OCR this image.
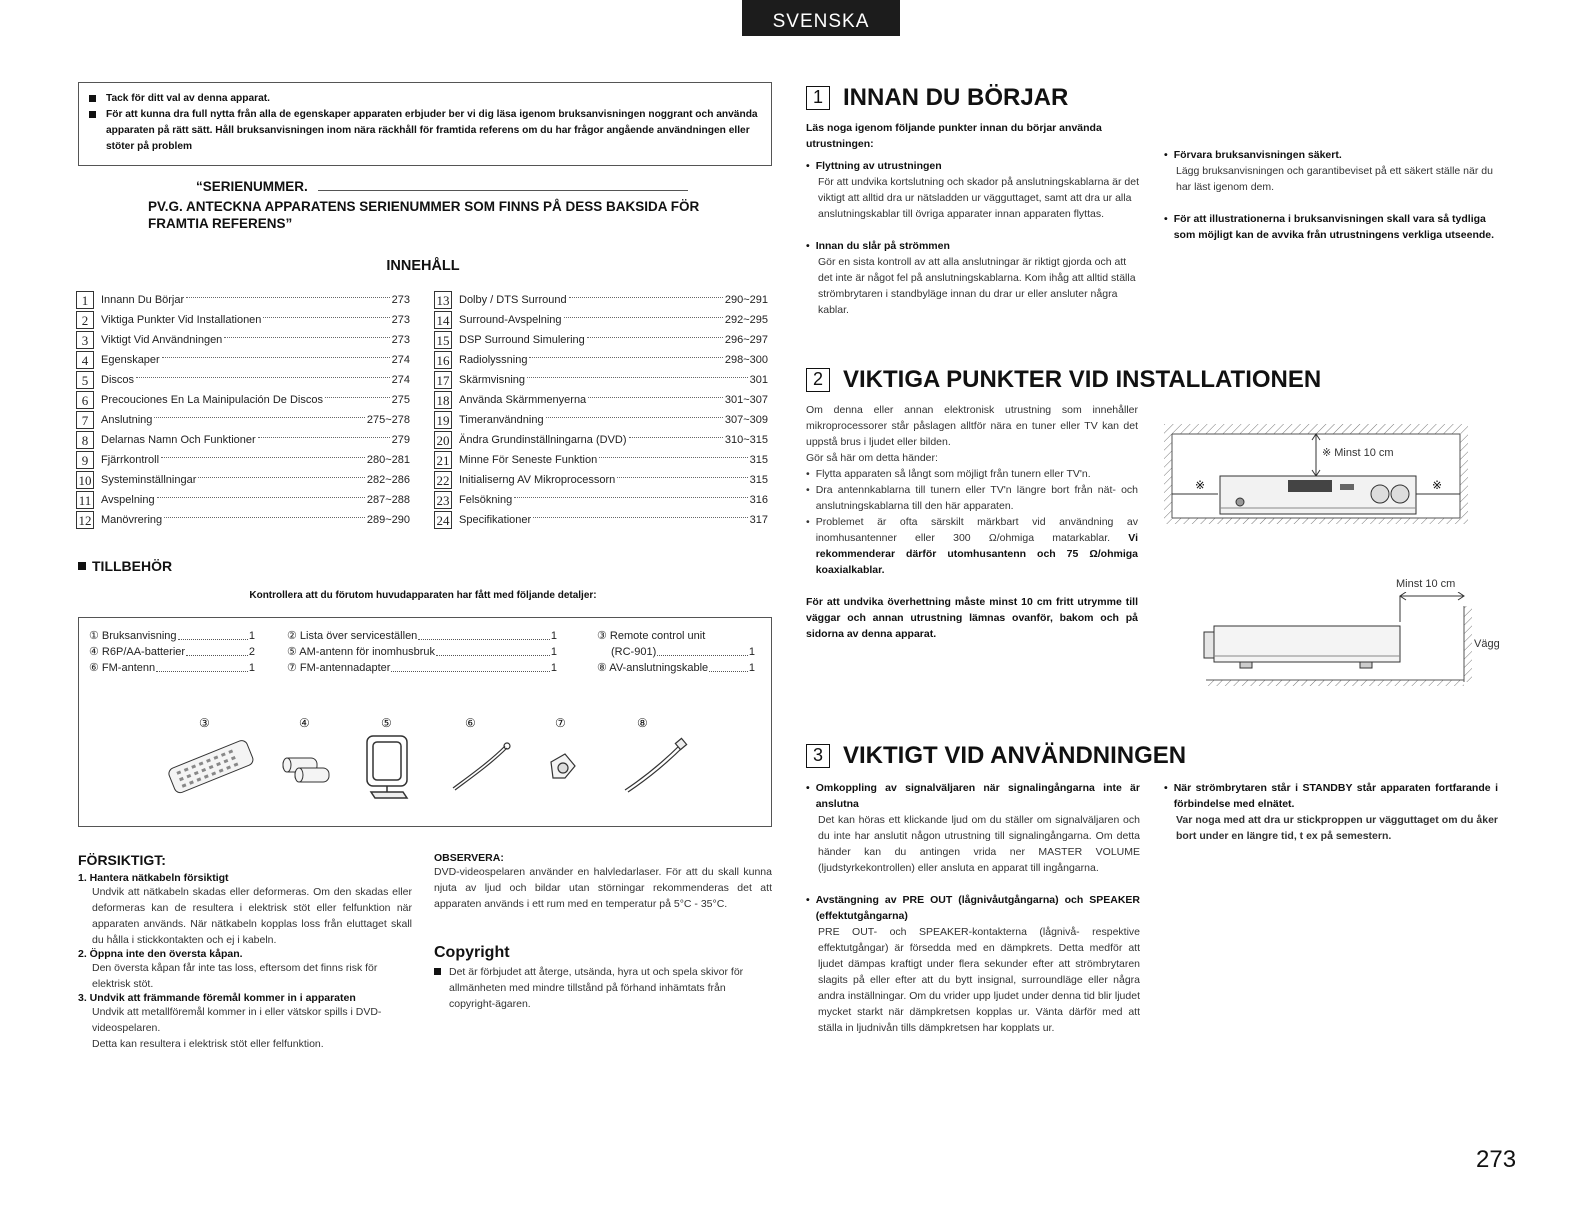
SVENSKA
Tack för ditt val av denna apparat.
För att kunna dra full nytta från alla de egenskaper apparaten erbjuder ber vi dig läsa igenom bruksanvisningen noggrant och använda apparaten på rätt sätt. Håll bruksanvisningen inom nära räckhåll för framtida referens om du har frågor angående användningen eller stöter på problem
“SERIENUMMER.
PV.G. ANTECKNA APPARATENS SERIENUMMER SOM FINNS PÅ DESS BAKSIDA FÖR FRAMTIA REFERENS”
INNEHÅLL
1	Innann Du Börjar	273
2	Viktiga Punkter Vid Installationen	273
3	Viktigt Vid Användningen	273
4	Egenskaper	274
5	Discos	274
6	Precouciones En La Mainipulación De Discos	275
7	Anslutning	275~278
8	Delarnas Namn Och Funktioner	279
9	Fjärrkontroll	280~281
10 Systeminställningar	282~286
11 Avspelning	287~288
12 Manövrering	289~290
13 Dolby / DTS Surround	290~291
14 Surround-Avspelning	292~295
15 DSP Surround Simulering	296~297
16 Radiolyssning	298~300
17 Skärmvisning	301
18 Använda Skärmmenyerna	301~307
19 Timeranvändning	307~309
20 Ändra Grundinställningarna (DVD)	310~315
21 Minne För Seneste Funktion	315
22 Initialiserng AV Mikroprocessorn	315
23 Felsökning	316
24 Specifikationer	317
TILLBEHÖR
Kontrollera att du förutom huvudapparaten har fått med följande detaljer:
① Bruksanvisning	1
④ R6P/AA-batterier	2
⑥ FM-antenn	1
② Lista över serviceställen	1
⑤ AM-antenn för inomhusbruk	1
⑦ FM-antennadapter	1
③ Remote control unit
(RC-901)	1
⑧ AV-anslutningskable	1
③	④	⑤	⑥	⑦	⑧
FÖRSIKTIGT:
1. Hantera nätkabeln försiktigt
Undvik att nätkabeln skadas eller deformeras. Om den skadas eller deformeras kan de resultera i elektrisk stöt eller felfunktion när apparaten används. När nätkabeln kopplas loss från eluttaget skall du hålla i stickkontakten och ej i kabeln.
2. Öppna inte den översta kåpan.
Den översta kåpan får inte tas loss, eftersom det finns risk för elektrisk stöt.
3. Undvik att främmande föremål kommer in i apparaten
Undvik att metallföremål kommer in i eller vätskor spills i DVD-videospelaren.
Detta kan resultera i elektrisk stöt eller felfunktion.
OBSERVERA:
DVD-videospelaren använder en halvledarlaser. För att du skall kunna njuta av ljud och bildar utan störningar rekommenderas det att apparaten används i ett rum med en temperatur på 5°C - 35°C.
Copyright
Det är förbjudet att återge, utsända, hyra ut och spela skivor för allmänheten med mindre tillstånd på förhand inhämtats från copyright-ägaren.
1 INNAN DU BÖRJAR
Läs noga igenom följande punkter innan du börjar använda utrustningen:
• Flyttning av utrustningen
För att undvika kortslutning och skador på anslutningskablarna är det viktigt att alltid dra ur nätsladden ur vägguttaget, samt att dra ur alla anslutningskablar till övriga apparater innan apparaten flyttas.
• Innan du slår på strömmen
Gör en sista kontroll av att alla anslutningar är riktigt gjorda och att det inte är något fel på anslutningskablarna. Kom ihåg att alltid ställa strömbrytaren i standbyläge innan du drar ur eller ansluter några kablar.
• Förvara bruksanvisningen säkert.
Lägg bruksanvisningen och garantibeviset på ett säkert ställe när du har läst igenom dem.
• För att illustrationerna i bruksanvisningen skall vara så tydliga som möjligt kan de avvika från utrustningens verkliga utseende.
2 VIKTIGA PUNKTER VID INSTALLATIONEN
Om denna eller annan elektronisk utrustning som innehåller mikroprocessorer står påslagen alltför nära en tuner eller TV kan det uppstå brus i ljudet eller bilden.
Gör så här om detta händer:
• Flytta apparaten så långt som möjligt från tunern eller TV'n.
• Dra antennkablarna till tunern eller TV'n längre bort från nät- och anslutningskablarna till den här apparaten.
• Problemet är ofta särskilt märkbart vid användning av inomhusantenner eller 300 Ω/ohmiga matarkablar. Vi rekommenderar därför utomhusantenn och 75 Ω/ohmiga koaxialkablar.
För att undvika överhettning måste minst 10 cm fritt utrymme till väggar och annan utrustning lämnas ovanför, bakom och på sidorna av denna apparat.
※ Minst 10 cm
※	※
Minst 10 cm
Vägg
3 VIKTIGT VID ANVÄNDNINGEN
• Omkoppling av signalväljaren när signalingångarna inte är anslutna
Det kan höras ett klickande ljud om du ställer om signalväljaren och du inte har anslutit någon utrustning till signalingångarna. Om detta händer kan du antingen vrida ner MASTER VOLUME (ljudstyrkekontrollen) eller ansluta en apparat till ingångarna.
• Avstängning av PRE OUT (lågnivåutgångarna) och SPEAKER (effektutgångarna)
PRE OUT- och SPEAKER-kontakterna (lågnivå- respektive effektutgångar) är försedda med en dämpkrets. Detta medför att ljudet dämpas kraftigt under flera sekunder efter att strömbrytaren slagits på eller efter att du bytt insignal, surroundläge eller några andra inställningar. Om du vrider upp ljudet under denna tid blir ljudet mycket starkt när dämpkretsen kopplas ur. Vänta därför med att ställa in ljudnivån tills dämpkretsen har kopplats ur.
• När strömbrytaren står i STANDBY står apparaten fortfarande i förbindelse med elnätet.
Var noga med att dra ur stickproppen ur vägguttaget om du åker bort under en längre tid, t ex på semestern.
273
